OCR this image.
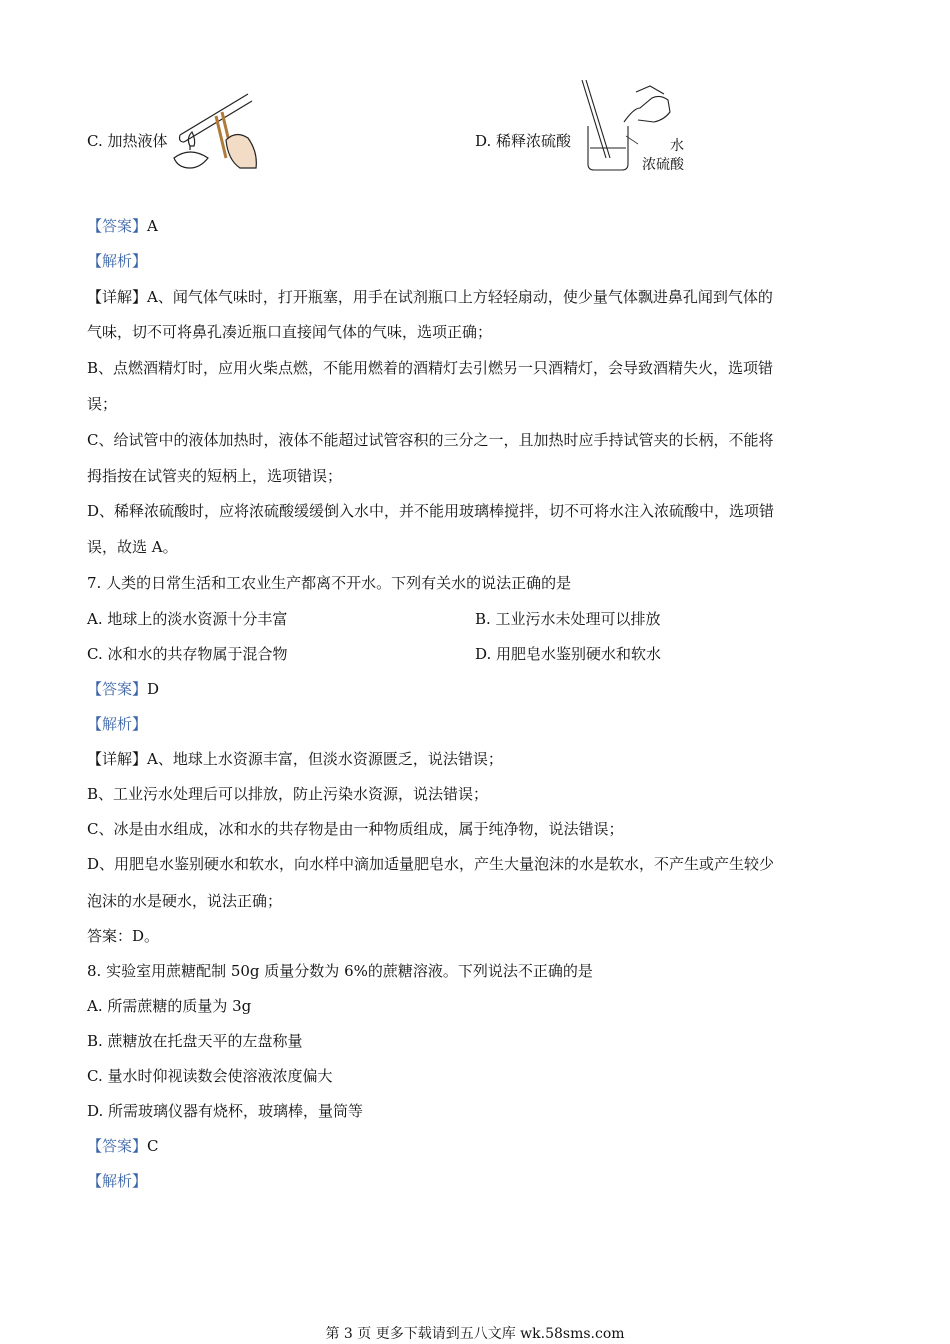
C. 加热液体	D. 稀释浓硫酸	水
浓硫酸
【答案】A
【解析】
【详解】A、闻气体气味时，打开瓶塞，用手在试剂瓶口上方轻轻扇动，使少量气体飘进鼻孔闻到气体的
气味，切不可将鼻孔凑近瓶口直接闻气体的气味，选项正确；
B、点燃酒精灯时，应用火柴点燃，不能用燃着的酒精灯去引燃另一只酒精灯，会导致酒精失火，选项错
误；
C、给试管中的液体加热时，液体不能超过试管容积的三分之一，且加热时应手持试管夹的长柄，不能将
拇指按在试管夹的短柄上，选项错误；
D、稀释浓硫酸时，应将浓硫酸缓缓倒入水中，并不能用玻璃棒搅拌，切不可将水注入浓硫酸中，选项错
误，故选 A。
7. 人类的日常生活和工农业生产都离不开水。下列有关水的说法正确的是
A. 地球上的淡水资源十分丰富	B. 工业污水未处理可以排放
C. 冰和水的共存物属于混合物	D. 用肥皂水鉴别硬水和软水
【答案】D
【解析】
【详解】A、地球上水资源丰富，但淡水资源匮乏，说法错误；
B、工业污水处理后可以排放，防止污染水资源，说法错误；
C、冰是由水组成，冰和水的共存物是由一种物质组成，属于纯净物，说法错误；
D、用肥皂水鉴别硬水和软水，向水样中滴加适量肥皂水，产生大量泡沫的水是软水，不产生或产生较少
泡沫的水是硬水，说法正确；
答案：D。
8. 实验室用蔗糖配制 50g 质量分数为 6%的蔗糖溶液。下列说法不正确的是
A. 所需蔗糖的质量为 3g
B. 蔗糖放在托盘天平的左盘称量
C. 量水时仰视读数会使溶液浓度偏大
D. 所需玻璃仪器有烧杯，玻璃棒，量筒等
【答案】C
【解析】
第 3 页 更多下载请到五八文库 wk.58sms.com
